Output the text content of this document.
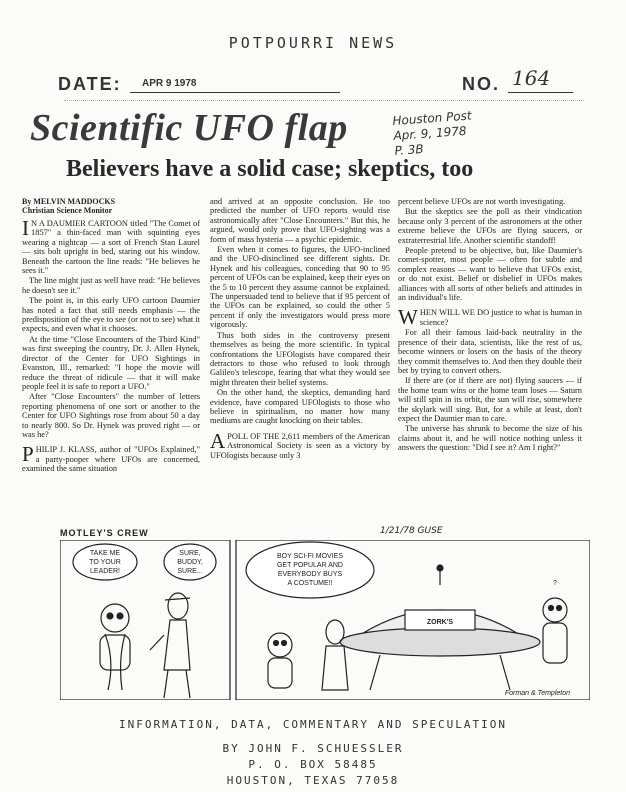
POTPOURRI NEWS
DATE: APR 9 1978	NO. 164
Scientific UFO flap	Houston Post
Apr. 9, 1978
P. 3B
Believers have a solid case; skeptics, too
By MELVIN MADDOCKS
Christian Science Monitor

I N A DAUMIER CARTOON titled "The Comet of 1857" a thin-faced man with squinting eyes wearing a nightcap — a sort of French Stan Laurel — sits bolt upright in bed, staring out his window. Beneath the cartoon the line reads: "He believes he sees it."

The line might just as well have read: "He believes he doesn't see it."

The point is, in this early UFO cartoon Daumier has noted a fact that still needs emphasis — the predisposition of the eye to see (or not to see) what it expects, and even what it chooses.

At the time "Close Encounters of the Third Kind" was first sweeping the country, Dr. J. Allen Hynek, director of the Center for UFO Sightings in Evanston, Ill., remarked: "I hope the movie will reduce the threat of ridicule — that it will make people feel it is safe to report a UFO."

After "Close Encounters" the number of letters reporting phenomena of one sort or another to the Center for UFO Sightings rose from about 50 a day to nearly 800. So Dr. Hynek was proved right — or was he?

PHILIP J. KLASS, author of "UFOs Explained," a party-pooper where UFOs are concerned, examined the same situation

and arrived at an opposite conclusion. He too predicted the number of UFO reports would rise astronomically after "Close Encounters." But this, he argued, would only prove that UFO-sighting was a form of mass hysteria — a psychic epidemic.

Even when it comes to figures, the UFO-inclined and the UFO-disinclined see different sights. Dr. Hynek and his colleagues, conceding that 90 to 95 percent of UFOs can be explained, keep their eyes on the 5 to 10 percent they assume cannot be explained. The unpersuaded tend to believe that if 95 percent of the UFOs can be explained, so could the other 5 percent if only the investigators would press more vigorously.

Thus both sides in the controversy present themselves as being the more scientific. In typical confrontations the UFOlogists have compared their detractors to those who refused to look through Galileo's telescope, fearing that what they would see might threaten their belief systems.

On the other hand, the skeptics, demanding hard evidence, have compared UFOlogists to those who believe in spiritualism, no matter how many mediums are caught knocking on their tables.

APOLL OF THE 2,611 members of the American Astronomical Society is seen as a victory by UFOlogists because only 3

percent believe UFOs are not worth investigating.

But the skeptics see the poll as their vindication because only 3 percent of the astronomers at the other extreme believe the UFOs are flying saucers, or extraterrestrial life. Another scientific standoff!

People pretend to be objective, but, like Daumier's comet-spotter, most people — often for subtle and complex reasons — want to believe that UFOs exist, or do not exist. Belief or disbelief in UFOs makes alliances with all sorts of other beliefs and attitudes in an individual's life.

WHEN WILL WE DO justice to what is human in science?

For all their famous laid-back neutrality in the presence of their data, scientists, like the rest of us, become winners or losers on the basis of the theory they commit themselves to. And then they double their bet by trying to convert others.

If there are (or if there are not) flying saucers — if the home team wins or the home team loses — Saturn will still spin in its orbit, the sun will rise, somewhere the skylark will sing. But, for a while at least, don't expect the Daumier man to care.

The universe has shrunk to become the size of his claims about it, and he will notice nothing unless it answers the question: "Did I see it? Am I right?"

MOTLEY'S CREW	1/21/78 GUSE
TAKE ME
TO YOUR
LEADER!
SURE,
BUDDY,
SURE...
BOY SCI-FI MOVIES
GET POPULAR AND
EVERYBODY BUYS
A COSTUME!!
ZORK'S
?
Forman & Templeton
INFORMATION, DATA, COMMENTARY AND SPECULATION
BY JOHN F. SCHUESSLER
P. O. BOX 58485
HOUSTON, TEXAS 77058
